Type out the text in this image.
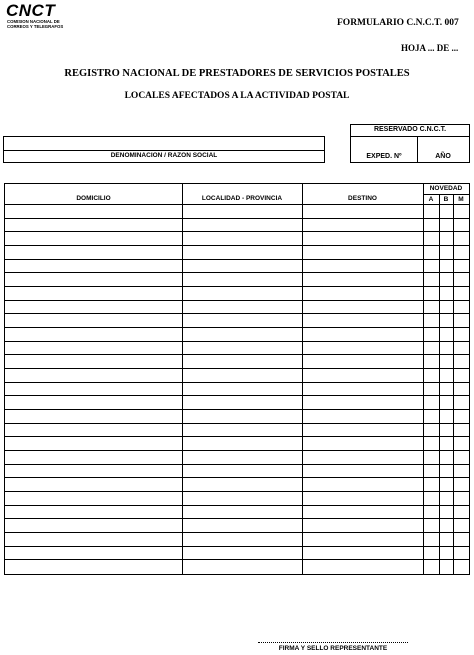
CNCT
COMISION NACIONAL DE
CORREOS Y TELEGRAFOS	FORMULARIO C.N.C.T. 007
HOJA ... DE ...
REGISTRO NACIONAL DE PRESTADORES DE SERVICIOS POSTALES
LOCALES AFECTADOS A LA ACTIVIDAD POSTAL
DENOMINACION / RAZON SOCIAL
RESERVADO C.N.C.T.
EXPED. Nº	AÑO
DOMICILIO	LOCALIDAD - PROVINCIA	DESTINO
NOVEDAD
A	B	M
FIRMA Y SELLO REPRESENTANTE
